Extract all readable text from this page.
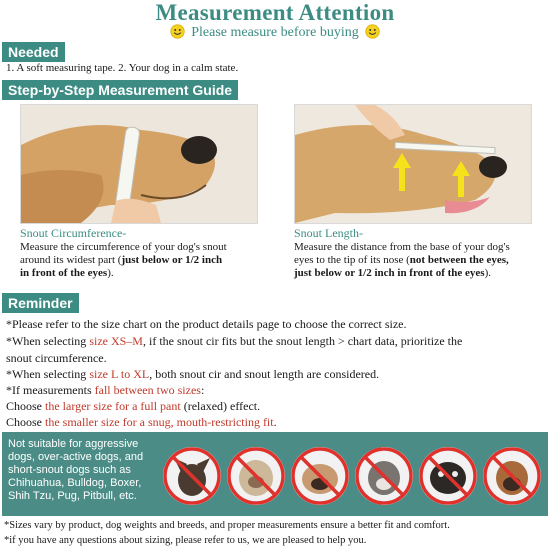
Measurement Attention
Please measure before buying
Needed
1. A soft measuring tape. 2. Your dog in a calm state.
Step-by-Step Measurement Guide
Snout Circumference-
Measure the circumference of your dog's snout
around its widest part (just below or 1/2 inch
in front of the eyes).
Snout Length-
Measure the distance from the base of your dog's
eyes to the tip of its nose (not between the eyes,
just below or 1/2 inch in front of the eyes).
Reminder
*Please refer to the size chart on the product details page to choose the correct size.
*When selecting size XS–M, if the snout cir fits but the snout length > chart data, prioritize the
snout circumference.
*When selecting size L to XL, both snout cir and snout length are considered.
*If measurements fall between two sizes:
Choose the larger size for a full pant (relaxed) effect.
Choose the smaller size for a snug, mouth-restricting fit.
Not suitable for aggressive dogs, over-active dogs, and short-snout dogs such as Chihuahua, Bulldog, Boxer, Shih Tzu, Pug, Pitbull, etc.
*Sizes vary by product, dog weights and breeds, and proper measurements ensure a better fit and comfort.
*if you have any questions about sizing, please refer to us, we are pleased to help you.
